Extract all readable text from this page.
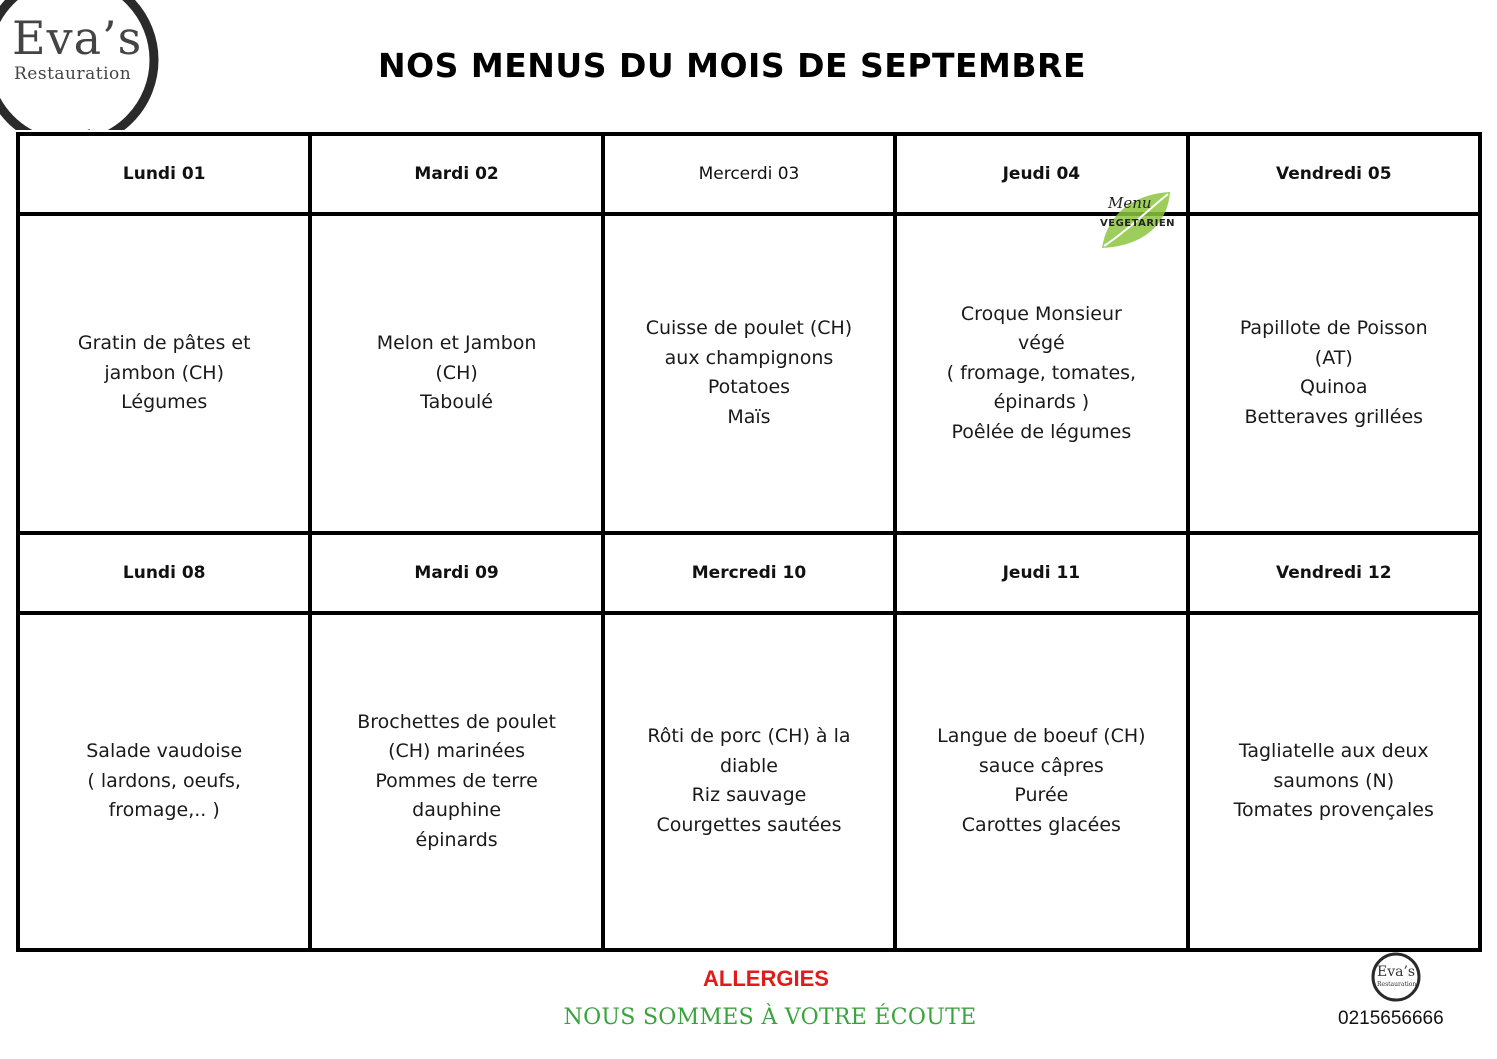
Eva’s
Restauration	NOS MENUS DU MOIS DE SEPTEMBRE
Lundi 01	Mardi 02	Mercerdi 03	Jeudi 04	Vendredi 05

Gratin de pâtes et
jambon (CH)
Légumes	Melon et Jambon
(CH)
Taboulé	Cuisse de poulet (CH)
aux champignons
Potatoes
Maïs	Croque Monsieur
végé
( fromage, tomates,
épinards )
Poêlée de légumes	Papillote de Poisson
(AT)
Quinoa
Betteraves grillées

Lundi 08	Mardi 09	Mercredi 10	Jeudi 11	Vendredi 12

Salade vaudoise
( lardons, oeufs,
fromage,.. )	Brochettes de poulet
(CH) marinées
Pommes de terre
dauphine
épinards	Rôti de porc (CH) à la
diable
Riz sauvage
Courgettes sautées	Langue de boeuf (CH)
sauce câpres
Purée
Carottes glacées	Tagliatelle aux deux
saumons (N)
Tomates provençales
Menu
VEGETARIEN
ALLERGIES
NOUS SOMMES À VOTRE ÉCOUTE
Eva’s
Restauration
0215656666
